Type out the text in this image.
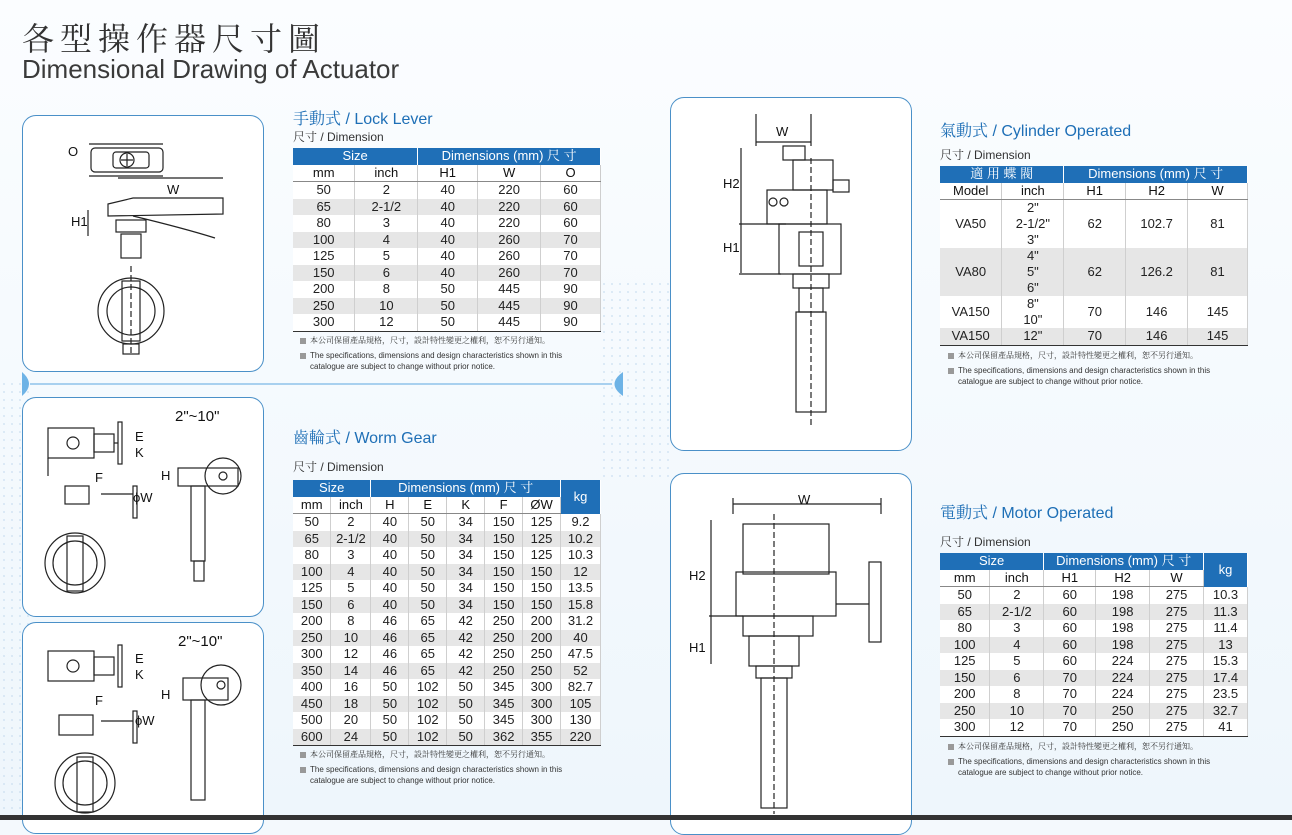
各型操作器尺寸圖
Dimensional Drawing of Actuator
O
W
H1
2"~10"
E
K
F	H
ϕW
2"~10"
E
K
F	H
ϕW
手動式 / Lock Lever
尺寸 / Dimension
Size		Dimensions (mm) 尺 寸		
mm	inch	H1	W	O
50	2	40	220	60
65	2-1/2	40	220	60
80	3	40	220	60
100	4	40	260	70
125	5	40	260	70
150	6	40	260	70
200	8	50	445	90
250	10	50	445	90
300	12	50	445	90
本公司保留產品規格，尺寸，設計特性變更之權利，恕不另行通知。
The specifications, dimensions and design characteristics shown in this
catalogue are subject to change without prior notice.
齒輪式 / Worm Gear
尺寸 / Dimension
Size		Dimensions (mm) 尺 寸					kg
mm	inch	H	E	K	F	ØW	
50	2	40	50	34	150	125	9.2
65	2-1/2	40	50	34	150	125	10.2
80	3	40	50	34	150	125	10.3
100	4	40	50	34	150	150	12
125	5	40	50	34	150	150	13.5
150	6	40	50	34	150	150	15.8
200	8	46	65	42	250	200	31.2
250	10	46	65	42	250	200	40
300	12	46	65	42	250	250	47.5
350	14	46	65	42	250	250	52
400	16	50	102	50	345	300	82.7
450	18	50	102	50	345	300	105
500	20	50	102	50	345	300	130
600	24	50	102	50	362	355	220
本公司保留產品規格，尺寸，設計特性變更之權利，恕不另行通知。
The specifications, dimensions and design characteristics shown in this
catalogue are subject to change without prior notice.
W
H2
H1
氣動式 / Cylinder Operated
尺寸 / Dimension
適 用 蝶 閥		Dimensions (mm) 尺 寸		
Model	inch	H1	H2	W
VA50	2"
2-1/2"
3"	62	102.7	81
VA80	4"
5"
6"	62	126.2	81
VA150	8"
10"	70	146	145
VA150	12"	70	146	145
本公司保留產品規格，尺寸，設計特性變更之權利，恕不另行通知。
The specifications, dimensions and design characteristics shown in this
catalogue are subject to change without prior notice.
W
H2
H1
電動式 / Motor Operated
尺寸 / Dimension
Size		Dimensions (mm) 尺 寸			kg
mm	inch	H1	H2	W	
50	2	60	198	275	10.3
65	2-1/2	60	198	275	11.3
80	3	60	198	275	11.4
100	4	60	198	275	13
125	5	60	224	275	15.3
150	6	70	224	275	17.4
200	8	70	224	275	23.5
250	10	70	250	275	32.7
300	12	70	250	275	41
本公司保留產品規格，尺寸，設計特性變更之權利，恕不另行通知。
The specifications, dimensions and design characteristics shown in this
catalogue are subject to change without prior notice.
